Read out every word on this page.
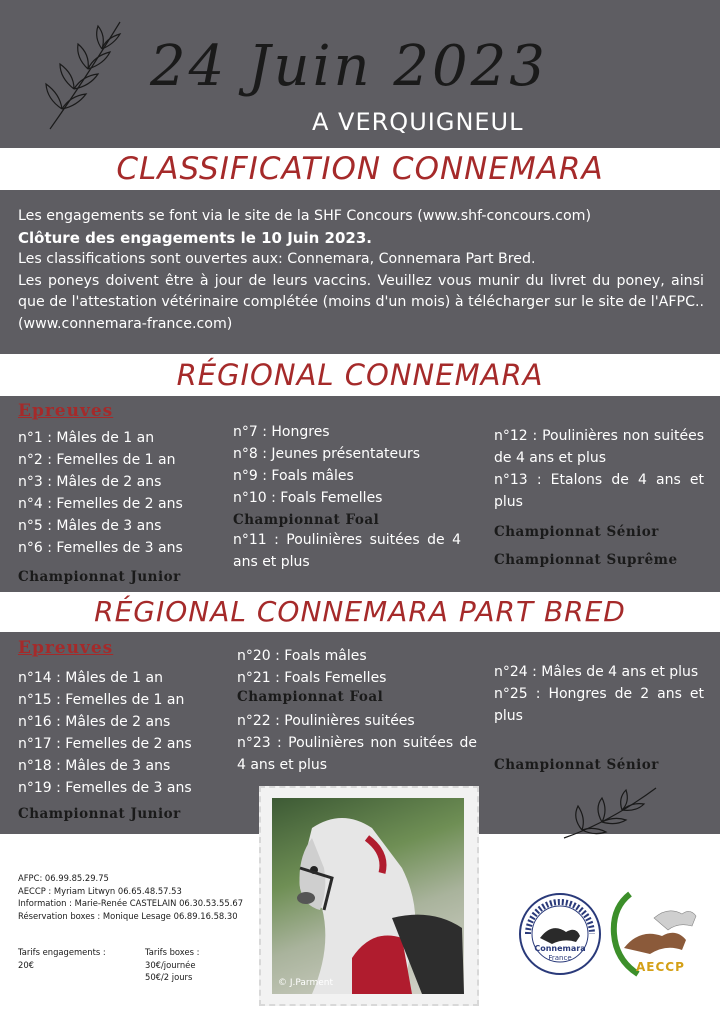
24 Juin 2023
A VERQUIGNEUL
CLASSIFICATION CONNEMARA
Les engagements se font via le site de la SHF Concours (www.shf-concours.com)
Clôture des engagements le 10 Juin 2023.
Les classifications sont ouvertes aux: Connemara, Connemara Part Bred.
Les poneys doivent être à jour de leurs vaccins. Veuillez vous munir du livret du poney, ainsi que de l'attestation vétérinaire complétée (moins d'un mois) à télécharger sur le site de l'AFPC..(www.connemara-france.com)
RÉGIONAL CONNEMARA
Epreuves
n°1 : Mâles de 1 an
n°2 : Femelles de 1 an
n°3 : Mâles de 2 ans
n°4 : Femelles de 2 ans
n°5 : Mâles de 3 ans
n°6 : Femelles de 3 ans
Championnat Junior
n°7 : Hongres
n°8 : Jeunes présentateurs
n°9 : Foals mâles
n°10 : Foals Femelles
Championnat Foal
n°11 : Poulinières suitées de 4 ans et plus
n°12 : Poulinières non suitées de 4 ans et plus
n°13 : Etalons de 4 ans et plus
Championnat Sénior
Championnat Suprême
RÉGIONAL CONNEMARA PART BRED
Epreuves
n°14 : Mâles de 1 an
n°15 : Femelles de 1 an
n°16 : Mâles de 2 ans
n°17 : Femelles de 2 ans
n°18 : Mâles de 3 ans
n°19 : Femelles de 3 ans
Championnat Junior
n°20 : Foals mâles
n°21 : Foals Femelles
Championnat Foal
n°22 : Poulinières suitées
n°23 : Poulinières non suitées de 4 ans et plus
n°24 : Mâles de 4 ans et plus
n°25 : Hongres de 2 ans et plus
Championnat Sénior
© J.Parment
AFPC: 06.99.85.29.75
AECCP : Myriam Litwyn 06.65.48.57.53
Information : Marie-Renée CASTELAIN 06.30.53.55.67
Réservation boxes : Monique Lesage 06.89.16.58.30
Tarifs engagements :
20€
Tarifs boxes :
30€/journée
50€/2 jours
Connemara
France
AECCP
